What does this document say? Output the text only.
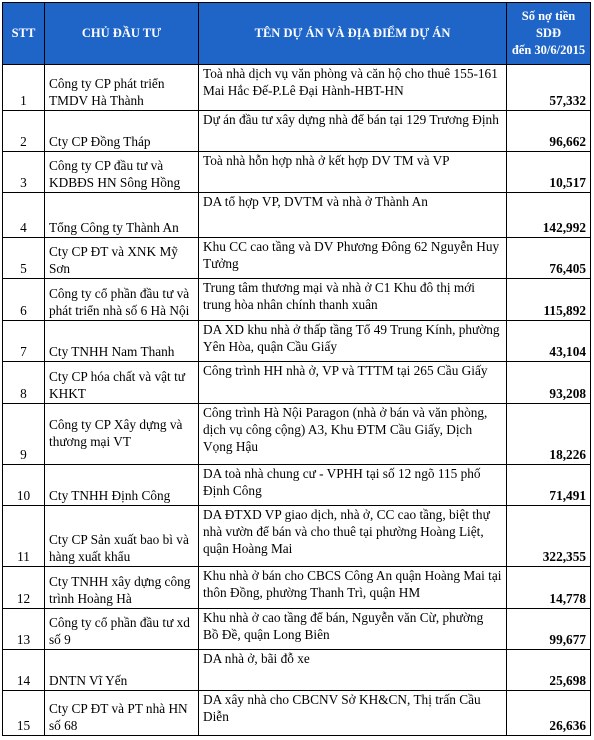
STT	CHỦ ĐẦU TƯ	TÊN DỰ ÁN VÀ ĐỊA ĐIỂM DỰ ÁN	Số nợ tiền SDĐ
đến 30/6/2015
1	Công ty CP phát triển TMDV Hà Thành	Toà nhà dịch vụ văn phòng và căn hộ cho thuê 155-161 Mai Hắc Đế-P.Lê Đại Hành-HBT-HN	57,332
2	Cty CP Đồng Tháp	Dự án đầu tư xây dựng nhà để bán tại 129 Trương Định	96,662
3	Công ty CP đầu tư và KDBĐS HN Sông Hồng	Toà nhà hỗn hợp nhà ở kết hợp DV TM và VP	10,517
4	Tổng Công ty Thành An	DA tổ hợp VP, DVTM và nhà ở Thành An	142,992
5	Cty CP ĐT và XNK Mỹ Sơn	Khu CC cao tầng và DV Phương Đông 62 Nguyễn Huy Tưởng	76,405
6	Công ty cổ phần đầu tư và phát triển nhà số 6 Hà Nội	Trung tâm thương mại và nhà ở C1 Khu đô thị mới trung hòa nhân chính thanh xuân	115,892
7	Cty TNHH Nam Thanh	DA XD khu nhà ở thấp tầng Tổ 49 Trung Kính, phường Yên Hòa, quận Cầu Giấy	43,104
8	Cty CP hóa chất và vật tư KHKT	Công trình HH nhà ở, VP và TTTM tại 265 Cầu Giấy	93,208
9	Công ty CP Xây dựng và thương mại VT	Công trình Hà Nội Paragon (nhà ở bán và văn phòng, dịch vụ công cộng) A3, Khu ĐTM Cầu Giấy, Dịch Vọng Hậu	18,226
10	Cty TNHH Định Công	DA toà nhà chung cư - VPHH tại số 12 ngõ 115 phố Định Công	71,491
11	Cty CP Sản xuất bao bì và hàng xuất khẩu	DA ĐTXD VP giao dịch, nhà ở, CC cao tầng, biệt thự nhà vườn để bán và cho thuê tại phường Hoàng Liệt, quận Hoàng Mai	322,355
12	Cty TNHH xây dựng công trình Hoàng Hà	Khu nhà ở bán cho CBCS Công An quận Hoàng Mai tại thôn Đồng, phường Thanh Trì, quận HM	14,778
13	Công ty cổ phần đầu tư xd số 9	Khu nhà ở cao tầng để bán, Nguyễn văn Cừ, phường Bồ Đề, quận Long Biên	99,677
14	DNTN Vĩ Yến	DA nhà ở, bãi đỗ xe	25,698
15	Cty CP ĐT và PT nhà HN số 68	DA xây nhà cho CBCNV Sở KH&CN, Thị trấn Cầu Diễn	26,636
